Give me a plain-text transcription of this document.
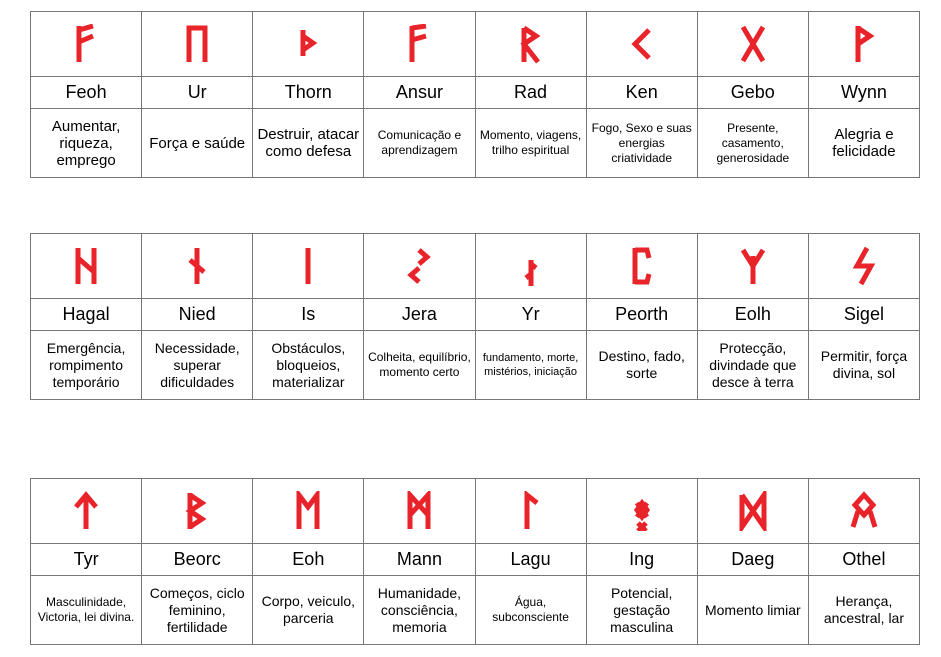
Feoh	Ur	Thorn	Ansur	Rad	Ken	Gebo	Wynn
Aumentar, riqueza, emprego	Força e saúde	Destruir, atacar como defesa	Comunicação e aprendizagem	Momento, viagens, trilho espiritual	Fogo, Sexo e suas energias criatividade	Presente, casamento, generosidade	Alegria e felicidade

Hagal	Nied	Is	Jera	Yr	Peorth	Eolh	Sigel
Emergência, rompimento temporário	Necessidade, superar dificuldades	Obstáculos, bloqueios, materializar	Colheita, equilíbrio, momento certo	fundamento, morte, mistérios, iniciação	Destino, fado, sorte	Protecção, divindade que desce à terra	Permitir, força divina, sol

Tyr	Beorc	Eoh	Mann	Lagu	Ing	Daeg	Othel
Masculinidade, Victoria, lei divina.	Começos, ciclo feminino, fertilidade	Corpo, veiculo, parceria	Humanidade, consciência, memoria	Água, subconsciente	Potencial, gestação masculina	Momento limiar	Herança, ancestral, lar
